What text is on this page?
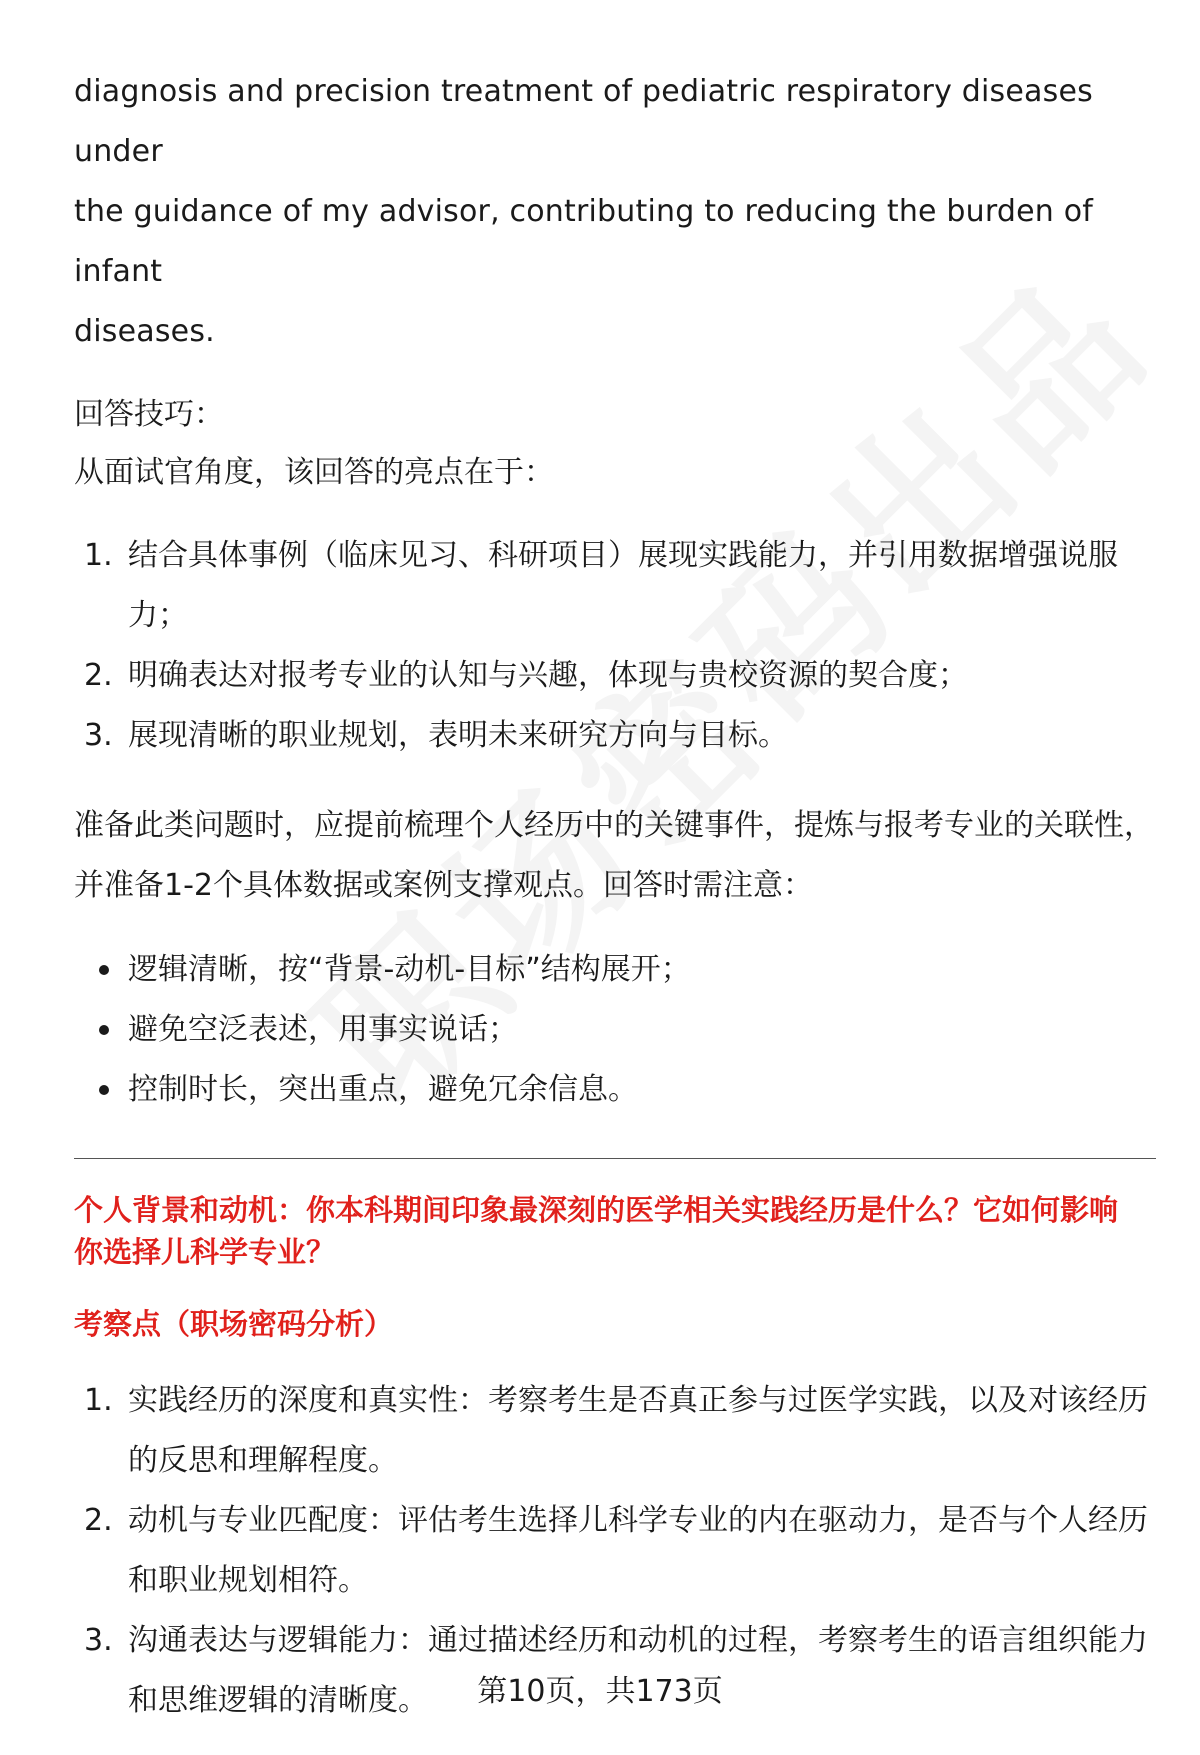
diagnosis and precision treatment of pediatric respiratory diseases under

the guidance of my advisor, contributing to reducing the burden of infant

diseases.

回答技巧：

从面试官角度，该回答的亮点在于：

1. 结合具体事例（临床见习、科研项目）展现实践能力，并引用数据增强说服
力；
2. 明确表达对报考专业的认知与兴趣，体现与贵校资源的契合度；
3. 展现清晰的职业规划，表明未来研究方向与目标。

准备此类问题时，应提前梳理个人经历中的关键事件，提炼与报考专业的关联性，

并准备1-2个具体数据或案例支撑观点。回答时需注意：

逻辑清晰，按“背景-动机-目标”结构展开；
避免空泛表述，用事实说话；
控制时长，突出重点，避免冗余信息。

个人背景和动机：你本科期间印象最深刻的医学相关实践经历是什么？它如何影响

你选择儿科学专业？

考察点（职场密码分析）

1. 实践经历的深度和真实性：考察考生是否真正参与过医学实践，以及对该经历
的反思和理解程度。
2. 动机与专业匹配度：评估考生选择儿科学专业的内在驱动力，是否与个人经历
和职业规划相符。
3. 沟通表达与逻辑能力：通过描述经历和动机的过程，考察考生的语言组织能力
和思维逻辑的清晰度。	第10页，共173页
